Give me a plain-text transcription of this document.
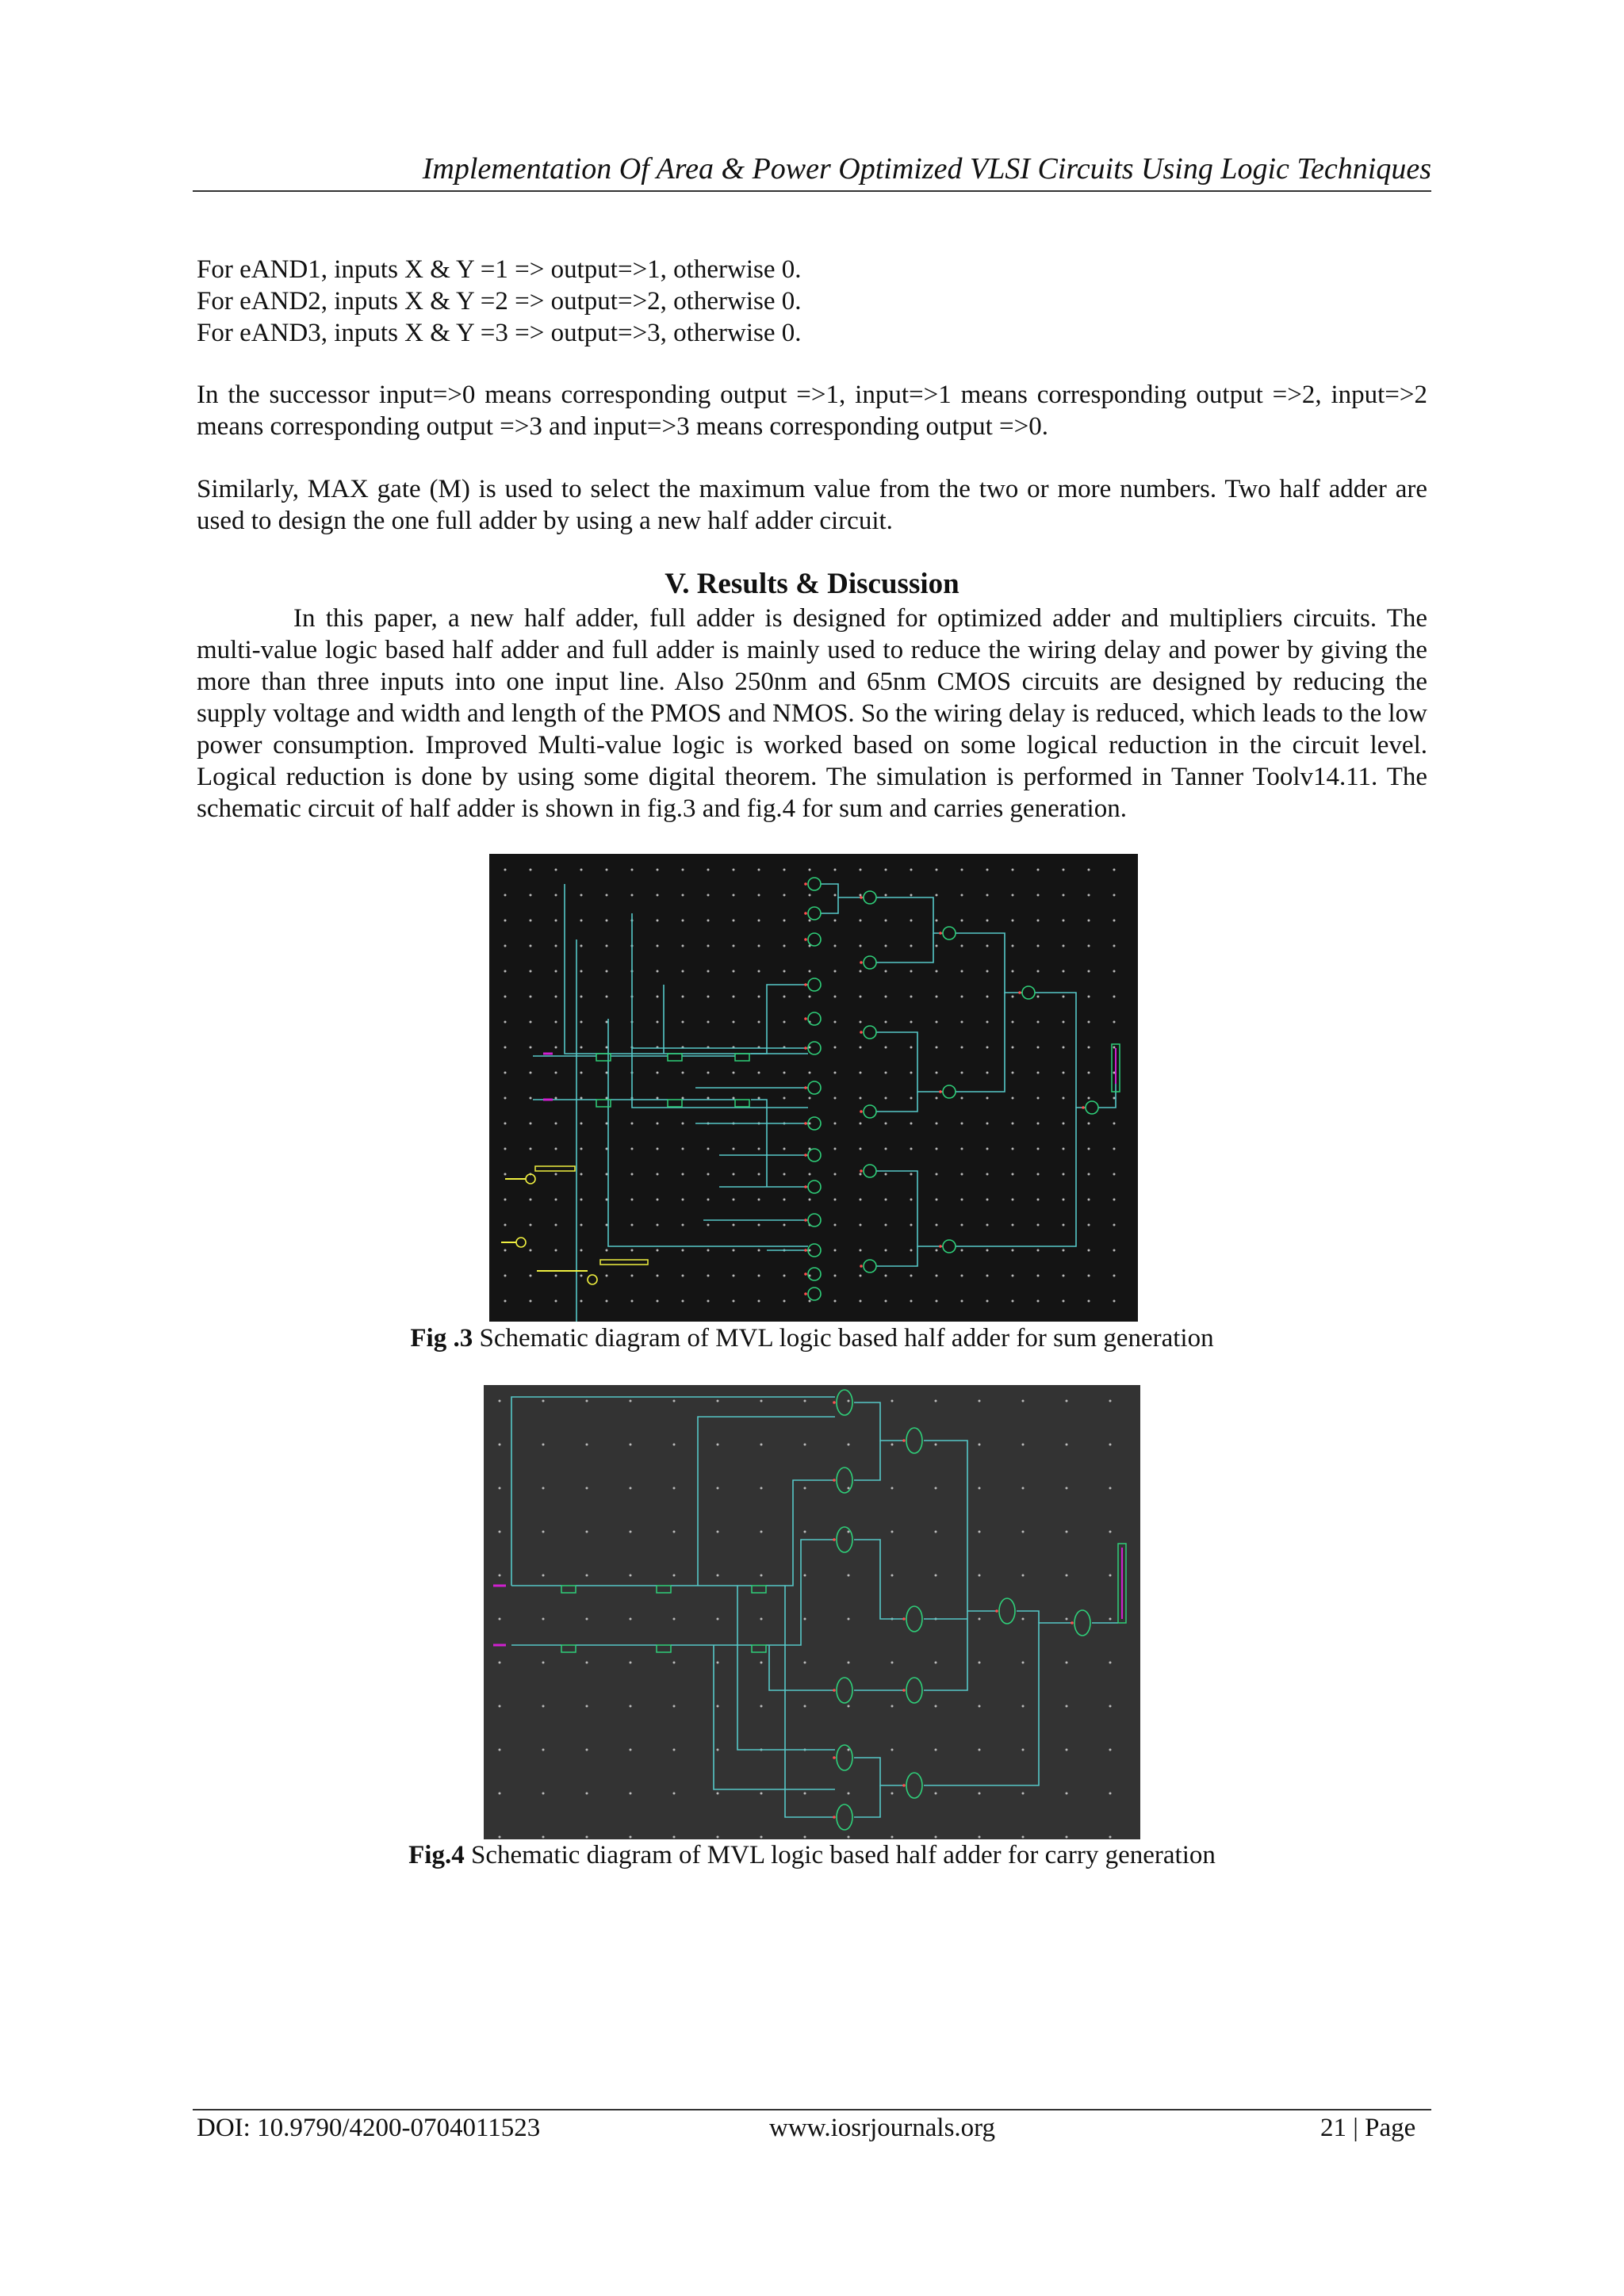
Implementation Of Area & Power Optimized VLSI Circuits Using Logic Techniques

For eAND1, inputs X & Y =1 => output=>1, otherwise 0.

For eAND2, inputs X & Y =2 => output=>2, otherwise 0.

For eAND3, inputs X & Y =3 => output=>3, otherwise 0.

In the successor input=>0 means corresponding output =>1, input=>1 means corresponding output =>2, input=>2 means corresponding output =>3 and input=>3 means corresponding output =>0.

Similarly, MAX gate (M) is used to select the maximum value from the two or more numbers. Two half adder are used to design the one full adder by using a new half adder circuit.

V. Results & Discussion

In this paper, a new half adder, full adder is designed for optimized adder and multipliers circuits. The multi-value logic based half adder and full adder is mainly used to reduce the wiring delay and power by giving the more than three inputs into one input line. Also 250nm and 65nm CMOS circuits are designed by reducing the supply voltage and width and length of the PMOS and NMOS. So the wiring delay is reduced, which leads to the low power consumption. Improved Multi-value logic is worked based on some logical reduction in the circuit level. Logical reduction is done by using some digital theorem. The simulation is performed in Tanner Toolv14.11. The schematic circuit of half adder is shown in fig.3 and fig.4 for sum and carries generation.

Fig .3 Schematic diagram of MVL logic based half adder for sum generation
Fig.4 Schematic diagram of MVL logic based half adder for carry generation
DOI: 10.9790/4200-0704011523	www.iosrjournals.org	21 | Page
